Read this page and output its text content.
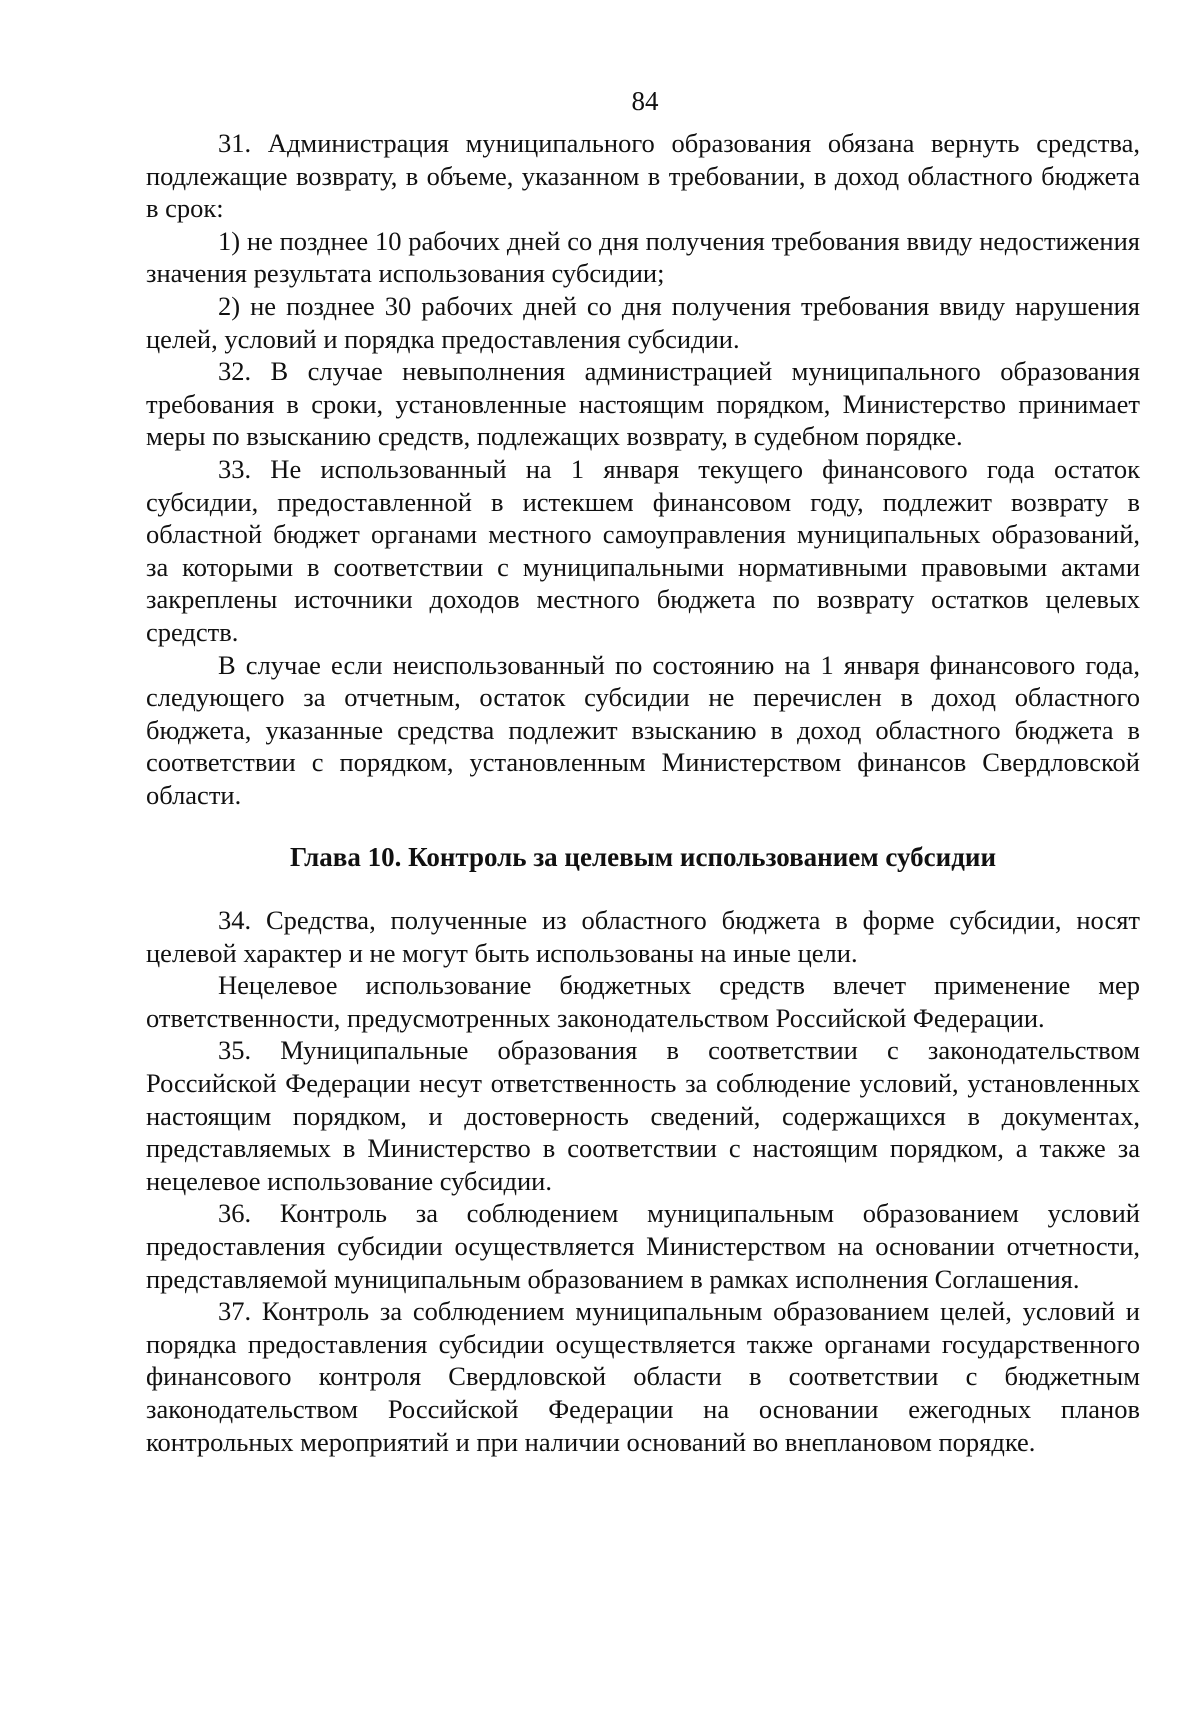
84

31. Администрация муниципального образования обязана вернуть средства, подлежащие возврату, в объеме, указанном в требовании, в доход областного бюджета в срок:

1) не позднее 10 рабочих дней со дня получения требования ввиду недостижения значения результата использования субсидии;

2) не позднее 30 рабочих дней со дня получения требования ввиду нарушения целей, условий и порядка предоставления субсидии.

32. В случае невыполнения администрацией муниципального образования требования в сроки, установленные настоящим порядком, Министерство принимает меры по взысканию средств, подлежащих возврату, в судебном порядке.

33. Не использованный на 1 января текущего финансового года остаток субсидии, предоставленной в истекшем финансовом году, подлежит возврату в областной бюджет органами местного самоуправления муниципальных образований, за которыми в соответствии с муниципальными нормативными правовыми актами закреплены источники доходов местного бюджета по возврату остатков целевых средств.

В случае если неиспользованный по состоянию на 1 января финансового года, следующего за отчетным, остаток субсидии не перечислен в доход областного бюджета, указанные средства подлежит взысканию в доход областного бюджета в соответствии с порядком, установленным Министерством финансов Свердловской области.

Глава 10. Контроль за целевым использованием субсидии

34. Средства, полученные из областного бюджета в форме субсидии, носят целевой характер и не могут быть использованы на иные цели.

Нецелевое использование бюджетных средств влечет применение мер ответственности, предусмотренных законодательством Российской Федерации.

35. Муниципальные образования в соответствии с законодательством Российской Федерации несут ответственность за соблюдение условий, установленных настоящим порядком, и достоверность сведений, содержащихся в документах, представляемых в Министерство в соответствии с настоящим порядком, а также за нецелевое использование субсидии.

36. Контроль за соблюдением муниципальным образованием условий предоставления субсидии осуществляется Министерством на основании отчетности, представляемой муниципальным образованием в рамках исполнения Соглашения.

37. Контроль за соблюдением муниципальным образованием целей, условий и порядка предоставления субсидии осуществляется также органами государственного финансового контроля Свердловской области в соответствии с бюджетным законодательством Российской Федерации на основании ежегодных планов контрольных мероприятий и при наличии оснований во внеплановом порядке.
